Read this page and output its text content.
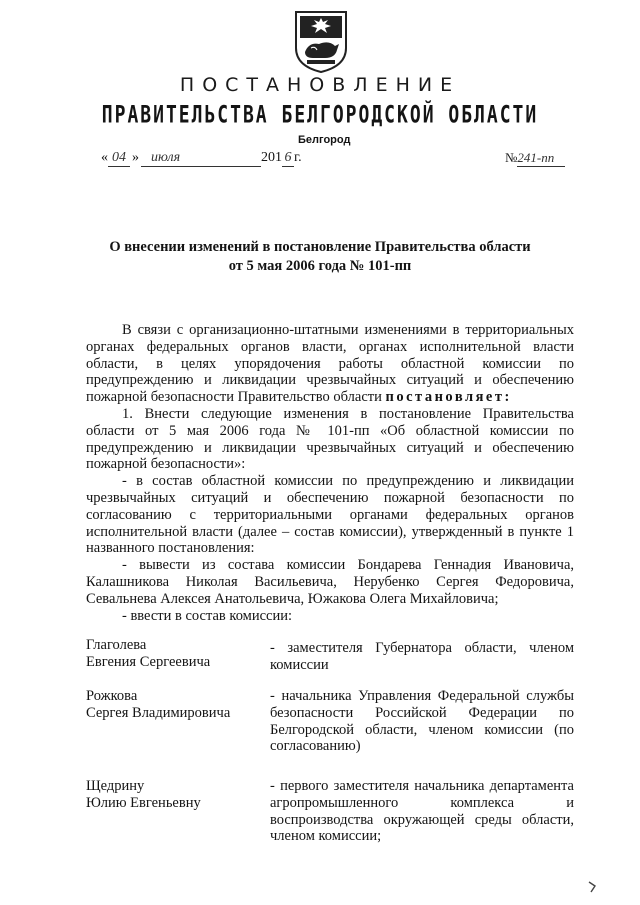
ПОСТАНОВЛЕНИЕ
ПРАВИТЕЛЬСТВА БЕЛГОРОДСКОЙ ОБЛАСТИ
Белгород
« 04 » июля	201 6 г.	№241-пп
О внесении изменений в постановление Правительства области
от 5 мая 2006 года № 101-пп

В связи с организационно-штатными изменениями в территориальных органах федеральных органов власти, органах исполнительной власти области, в целях упорядочения работы областной комиссии по предупреждению и ликвидации чрезвычайных ситуаций и обеспечению пожарной безопасности Правительство области постановляет:

1. Внести следующие изменения в постановление Правительства области от 5 мая 2006 года № 101-пп «Об областной комиссии по предупреждению и ликвидации чрезвычайных ситуаций и обеспечению пожарной безопасности»:

- в состав областной комиссии по предупреждению и ликвидации чрезвычайных ситуаций и обеспечению пожарной безопасности по согласованию с территориальными органами федеральных органов исполнительной власти (далее – состав комиссии), утвержденный в пункте 1 названного постановления:

- вывести из состава комиссии Бондарева Геннадия Ивановича, Калашникова Николая Васильевича, Нерубенко Сергея Федоровича, Севальнева Алексея Анатольевича, Южакова Олега Михайловича;

- ввести в состав комиссии:

Глаголева
Евгения Сергеевича
- заместителя Губернатора области, членом комиссии
Рожкова
Сергея Владимировича
- начальника Управления Федеральной службы безопасности Российской Федерации по Белгородской области, членом комиссии (по согласованию)
Щедрину
Юлию Евгеньевну
- первого заместителя начальника департамента агропромышленного комплекса и воспроизводства окружающей среды области, членом комиссии;
